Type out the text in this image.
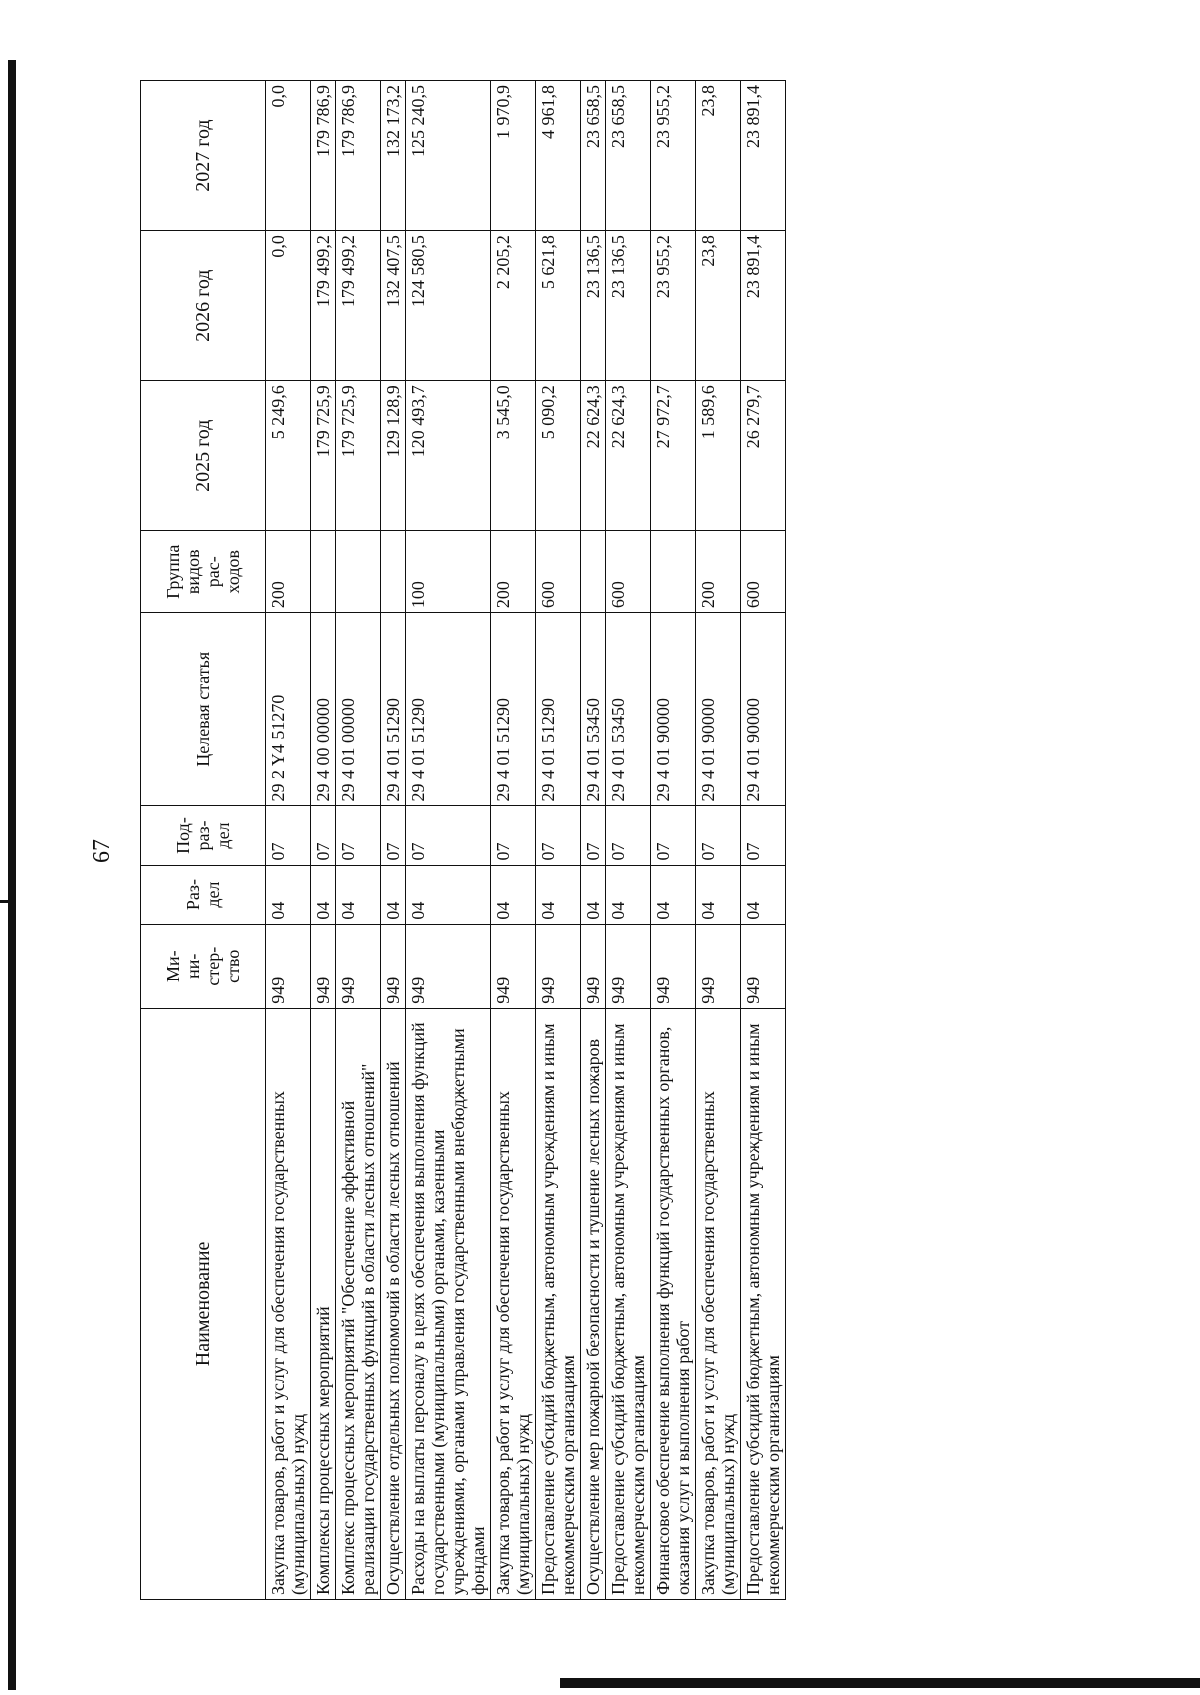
67
Наименование	Ми-
ни-
стер-
ство	Раз-
дел	Под-
раз-
дел	Целевая статья	Группа
видов
рас-
ходов	2025 год	2026 год	2027 год
Закупка товаров, работ и услуг для обеспечения государственных (муниципальных) нужд	949	04	07	29 2 Y4 51270	200	5 249,6	0,0	0,0
Комплексы процессных мероприятий	949	04	07	29 4 00 00000		179 725,9	179 499,2	179 786,9
Комплекс процессных мероприятий "Обеспечение эффективной реализации государственных функций в области лесных отношений"	949	04	07	29 4 01 00000		179 725,9	179 499,2	179 786,9
Осуществление отдельных полномочий в области лесных отношений	949	04	07	29 4 01 51290		129 128,9	132 407,5	132 173,2
Расходы на выплаты персоналу в целях обеспечения выполнения функций государственными (муниципальными) органами, казенными учреждениями, органами управления государственными внебюджетными фондами	949	04	07	29 4 01 51290	100	120 493,7	124 580,5	125 240,5
Закупка товаров, работ и услуг для обеспечения государственных (муниципальных) нужд	949	04	07	29 4 01 51290	200	3 545,0	2 205,2	1 970,9
Предоставление субсидий бюджетным, автономным учреждениям и иным некоммерческим организациям	949	04	07	29 4 01 51290	600	5 090,2	5 621,8	4 961,8
Осуществление мер пожарной безопасности и тушение лесных пожаров	949	04	07	29 4 01 53450		22 624,3	23 136,5	23 658,5
Предоставление субсидий бюджетным, автономным учреждениям и иным некоммерческим организациям	949	04	07	29 4 01 53450	600	22 624,3	23 136,5	23 658,5
Финансовое обеспечение выполнения функций государственных органов, оказания услуг и выполнения работ	949	04	07	29 4 01 90000		27 972,7	23 955,2	23 955,2
Закупка товаров, работ и услуг для обеспечения государственных (муниципальных) нужд	949	04	07	29 4 01 90000	200	1 589,6	23,8	23,8
Предоставление субсидий бюджетным, автономным учреждениям и иным некоммерческим организациям	949	04	07	29 4 01 90000	600	26 279,7	23 891,4	23 891,4
